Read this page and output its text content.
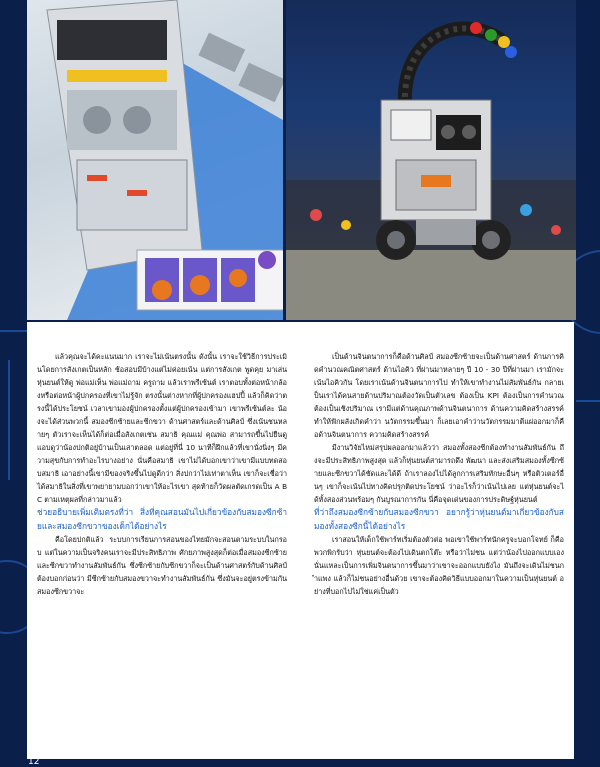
แล้วคุณจะได้คะแนนมาก เราจะไม่เน้นตรงนั้น ดังนั้น เราจะใช้วิธีการประเมินโดยการสังเกตเป็นหลัก ช้อสอบมีบ้างแต่ไม่ค่อยเน้น แต่การสังเกต พูดคุย มาเล่นหุ่นยนต์ให้ดู พ่อแม่เห็น พ่อแม่ถาม ครูถาม แล้วเราพรีเซ้นต์ เราตอบทั้งต่อหน้ากล้องหรือต่อหน้าผู้ปกครองที่เขาไม่รู้จัก ตรงนั้นต่างหากที่ผู้ปกครองแฮปปี้ แล้วก็คิดว่าตรงนี้ได้ประโยชน์ เวลาเขามองผู้ปกครองตั้งแต่ผู้ปกครองเข้ามา เขาพรีเซ้นต์ละ น้องจะได้ส่วนพวกนี้ สมองซีกซ้ายและซีกขวา ด้านศาสตร์และด้านศิลป์ ซึ่งเน้นชนหลายๆ ตัวเราจะเห็นได้ก็ต่อเมื่อสังเกตเช่น สมาธิ คุณแม่ คุณพ่อ สามารถขึ้นไปยืนดู แอบดูว่าน้องปกติอยู่บ้านเป็นเสาตลอด แต่อยู่ที่นี่ 10 นาทีก็ฝึกแล้วที่เขานั่งนิ่งๆ มีความสุขกับการทำอะไรบางอย่าง นั่นคือสมาธิ เขาไม่ได้บอกเขาว่าเขามีแบบทดสอบสมาธิ เอาอย่างนี้เขามีของจริงขึ้นไปดูดีกว่า สิ่งปกว่าไม่เท่าตาเห็น เขาก็จะเชื่อว่าได้สมาธิในสิ่งที่เขาพยายามบอกว่าเขาให้อะไรเขา สุดท้ายก็วัดผลตัดเกรดเป็น A B C ตามเหตุผลที่กล่าวมาแล้ว

ช่วยอธิบายเพิ่มเติมตรงที่ว่า สิ่งที่คุณสอนมันไปเกี่ยวข้องกับสมองซีกซ้ายและสมองซีกขวาของเด็กได้อย่างไร

คือโดยปกติแล้ว ระบบการเรียนการสอนของไทยมักจะสอนตามระบบในกรอบ แต่ในความเป็นจริงคนเราจะมีประสิทธิภาพ ศักยภาพสูงสุดก็ต่อเมื่อสมองซีกซ้ายและซีกขวาทำงานสัมพันธ์กัน ซึ่งซีกซ้ายกับซีกขวาก็จะเป็นด้านศาสตร์กับด้านศิลป์ ต้องบอกก่อนว่า มีซีกซ้ายกับสมองขวาจะทำงานสัมพันธ์กัน ซึ่งมันจะอยู่ตรงข้ามกัน สมองซีกขวาจะ

เป็นด้านจินตนาการก็คือด้านศิลป์ สมองซีกซ้ายจะเป็นด้านศาสตร์ ด้านการคิดคำนวณคณิตศาสตร์ ด้านไอคิว ที่ผ่านมาหลายๆ ปี 10 - 30 ปีที่ผ่านมา เรามักจะเน้นไอคิวกัน โดยเราเน้นด้านจินตนาการไป ทำให้เขาทำงานไม่สัมพันธ์กัน กลายเป็นเราได้คนสายด้านปริมาณต้องวัดเป็นตัวเลข ต้องเป็น KPI ต้องเป็นการคำนวณ ต้องเป็นเชิงปริมาณ เรามีแต่ด้านคุณภาพด้านจินตนาการ ด้านความคิดสร้างสรรค์ ทำให้ฟักผลังเกิดคำว่า นวัตกรรมขึ้นมา ก็เลยเอาคำว่านวัตกรรมมาตีแผ่ออกมาก็คือด้านจินตนาการ ความคิดสร้างสรรค์

มีงานวิจัยไหม่สรุปผลออกมาแล้วว่า สมองทั้งสองซีกต้องทำงานสัมพันธ์กัน ถึงจะมีประสิทธิภาพสูงสุด แล้วก็หุ่นยนต์สามารถดึง พัฒนา และส่งเสริมสมองทั้งซีกซ้ายและซีกขวาได้ชัดและได้ดี ถ้าเราลองไปได้ลูกการเสริมทักษะอื่นๆ หรือติวเตอร์อื่นๆ เขาก็จะเน้นไปทางคิดปรุกติดประโยชน์ ว่าอะไรก็ว่าเน้นไปเลย แต่หุ่นยนต์จะได้ทั้งสองส่วนพร้อมๆ กันบูรณาการกัน นี่คือจุดเด่นของการประดิษฐ์หุ่นยนต์

ที่ว่าถึงสมองซีกซ้ายกับสมองซีกขวา อยากรู้ว่าหุ่นยนต์มาเกี่ยวข้องกับสมองทั้งสองซีกนี้ได้อย่างไร

เราสอนให้เด็กใช้พาร์ทเริ่มต้องตัวต่อ พอเขาใช้พาร์ทนักครูจะบอกโจทย์ ก็คือพวกพิกรับว่า หุ่นยนต์จะต้องไปเดินตกโต๊ะ หรือว่าไม่ชน แต่ว่าน้องไปออกแบบเอง นั่นแหละเป็นการเพิ่มจินตนาการขึ้นมาว่าเขาจะออกแบบยังไง มันถึงจะเดินไม่ชนกำแพง แล้วก็ไม่ชนอย่างอื่นด้วย เขาจะต้องคิดวิธีแบบออกมาในความเป็นหุ่นยนต์ อย่างที่บอกไปไม่ใช่แค่เป็นตัว

12
